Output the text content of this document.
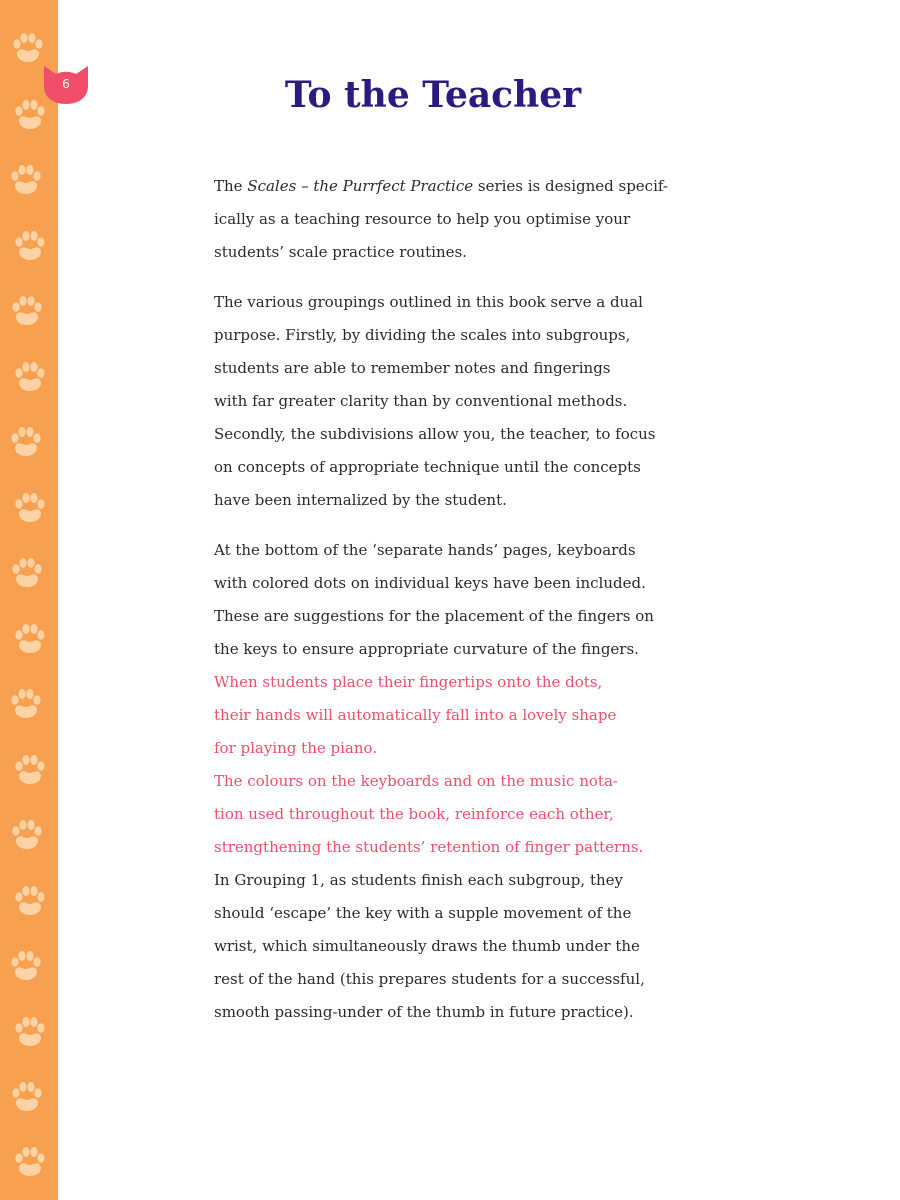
6	To the Teacher

The Scales – the Purrfect Practice series is designed specif-
ically as a teaching resource to help you optimise your
students’ scale practice routines.

The various groupings outlined in this book serve a dual
purpose. Firstly, by dividing the scales into subgroups,
students are able to remember notes and fingerings
with far greater clarity than by conventional methods.
Secondly, the subdivisions allow you, the teacher, to focus
on concepts of appropriate technique until the concepts
have been internalized by the student.

At the bottom of the ‘separate hands’ pages, keyboards
with colored dots on individual keys have been included.
These are suggestions for the placement of the fingers on
the keys to ensure appropriate curvature of the fingers.
When students place their fingertips onto the dots,
their hands will automatically fall into a lovely shape
for playing the piano.
The colours on the keyboards and on the music nota-
tion used throughout the book, reinforce each other,
strengthening the students’ retention of finger patterns.
In Grouping 1, as students finish each subgroup, they
should ‘escape’ the key with a supple movement of the
wrist, which simultaneously draws the thumb under the
rest of the hand (this prepares students for a successful,
smooth passing-under of the thumb in future practice).
